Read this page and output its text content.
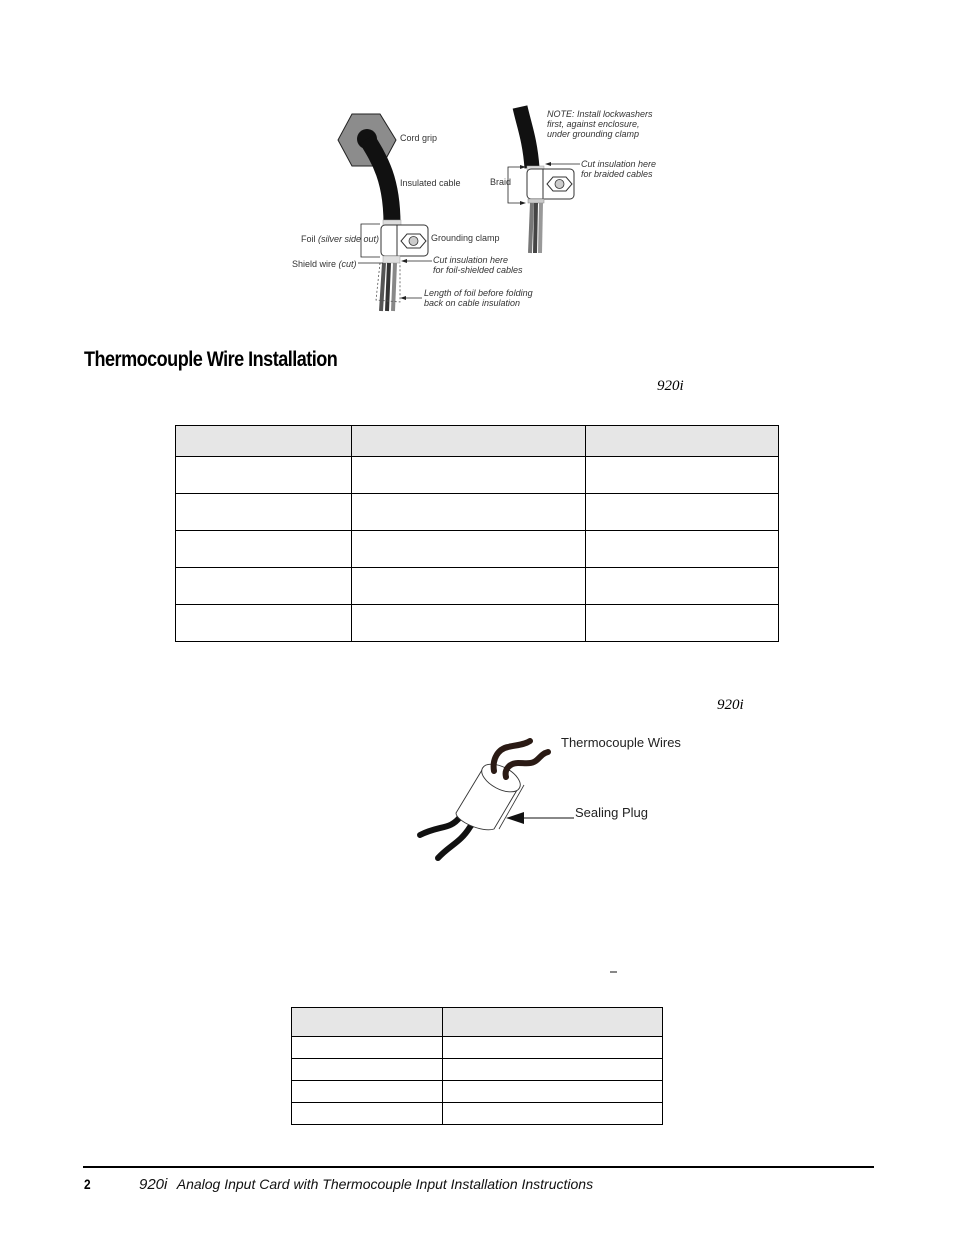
Cord grip
Insulated cable
Foil (silver side out)	Grounding clamp
Shield wire (cut)	Cut insulation here
for foil-shielded cables
Length of foil before folding
back on cable insulation
NOTE: Install lockwashers
first, against enclosure,
under grounding clamp
Braid
Cut insulation here
for braided cables
Thermocouple Wire Installation
920i

920i
Thermocouple Wires
Sealing Plug

2	920i Analog Input Card with Thermocouple Input Installation Instructions
